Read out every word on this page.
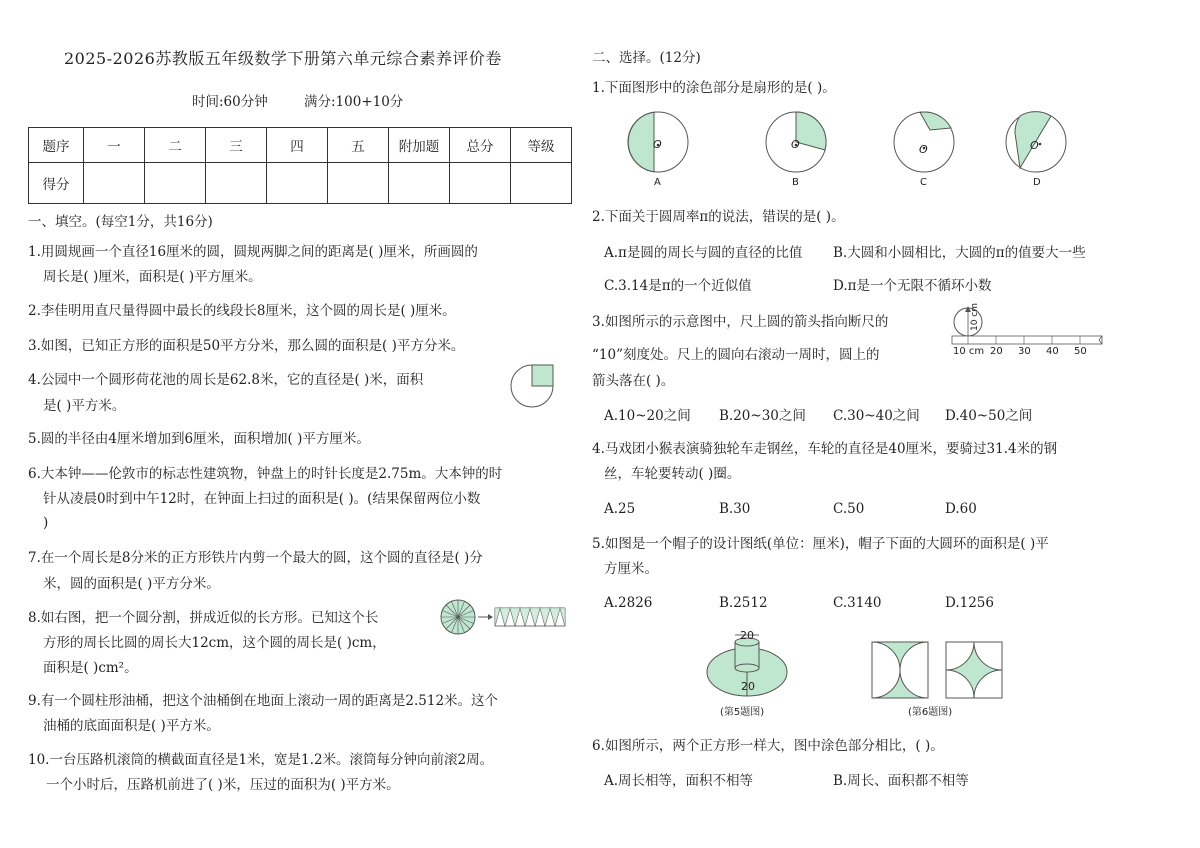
2025-2026苏教版五年级数学下册第六单元综合素养评价卷
时间:60分钟	满分:100+10分
题序	一	二	三	四	五	附加题	总分	等级
得分								
一、填空。(每空1分，共16分)
1.用圆规画一个直径16厘米的圆，圆规两脚之间的距离是( )厘米，所画圆的
周长是( )厘米，面积是( )平方厘米。
2.李佳明用直尺量得圆中最长的线段长8厘米，这个圆的周长是( )厘米。
3.如图，已知正方形的面积是50平方分米，那么圆的面积是( )平方分米。
4.公园中一个圆形荷花池的周长是62.8米，它的直径是( )米，面积
是( )平方米。
5.圆的半径由4厘米增加到6厘米，面积增加( )平方厘米。
6.大本钟——伦敦市的标志性建筑物，钟盘上的时针长度是2.75m。大本钟的时
针从凌晨0时到中午12时，在钟面上扫过的面积是( )。(结果保留两位小数
)
7.在一个周长是8分米的正方形铁片内剪一个最大的圆，这个圆的直径是( )分
米，圆的面积是( )平方分米。
8.如右图，把一个圆分割，拼成近似的长方形。已知这个长
方形的周长比圆的周长大12cm，这个圆的周长是( )cm，
面积是( )cm²。
9.有一个圆柱形油桶，把这个油桶倒在地面上滚动一周的距离是2.512米。这个
油桶的底面面积是( )平方米。
10.一台压路机滚筒的横截面直径是1米，宽是1.2米。滚筒每分钟向前滚2周。
一个小时后，压路机前进了( )米，压过的面积为( )平方米。
二、选择。(12分)
1.下面图形中的涂色部分是扇形的是( )。
O	O	O	O
A	B	C	D
2.下面关于圆周率π的说法，错误的是( )。
A.π是圆的周长与圆的直径的比值 B.大圆和小圆相比，大圆的π的值要大一些
C.3.14是π的一个近似值	D.π是一个无限不循环小数
3.如图所示的示意图中，尺上圆的箭头指向断尺的
“10”刻度处。尺上的圆向右滚动一周时，圆上的
箭头落在( )。
10 cm
10 cm 20 30 40 50
A.10~20之间 B.20~30之间 C.30~40之间 D.40~50之间
4.马戏团小猴表演骑独轮车走钢丝，车轮的直径是40厘米，要骑过31.4米的钢
丝，车轮要转动( )圈。
A.25	B.30	C.50	D.60
5.如图是一个帽子的设计图纸(单位：厘米)，帽子下面的大圆环的面积是( )平
方厘米。
A.2826	B.2512	C.3140	D.1256
20
20
(第5题图)	(第6题图)
6.如图所示，两个正方形一样大，图中涂色部分相比，( )。
A.周长相等，面积不相等	B.周长、面积都不相等
